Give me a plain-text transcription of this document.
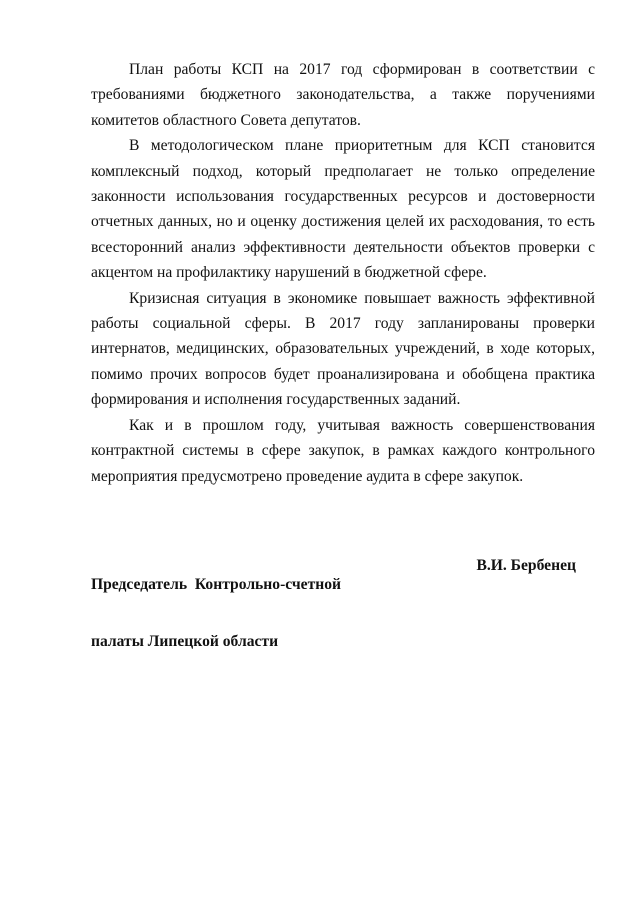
План работы КСП на 2017 год сформирован в соответствии с требованиями бюджетного законодательства, а также поручениями комитетов областного Совета депутатов.

В методологическом плане приоритетным для КСП становится комплексный подход, который предполагает не только определение законности использования государственных ресурсов и достоверности отчетных данных, но и оценку достижения целей их расходования, то есть всесторонний анализ эффективности деятельности объектов проверки с акцентом на профилактику нарушений в бюджетной сфере.

Кризисная ситуация в экономике повышает важность эффективной работы социальной сферы. В 2017 году запланированы проверки интернатов, медицинских, образовательных учреждений, в ходе которых, помимо прочих вопросов будет проанализирована и обобщена практика формирования и исполнения государственных заданий.

Как и в прошлом году, учитывая важность совершенствования контрактной системы в сфере закупок, в рамках каждого контрольного мероприятия предусмотрено проведение аудита в сфере закупок.

Председатель  Контрольно-счетной

палаты Липецкой области

В.И. Бербенец
